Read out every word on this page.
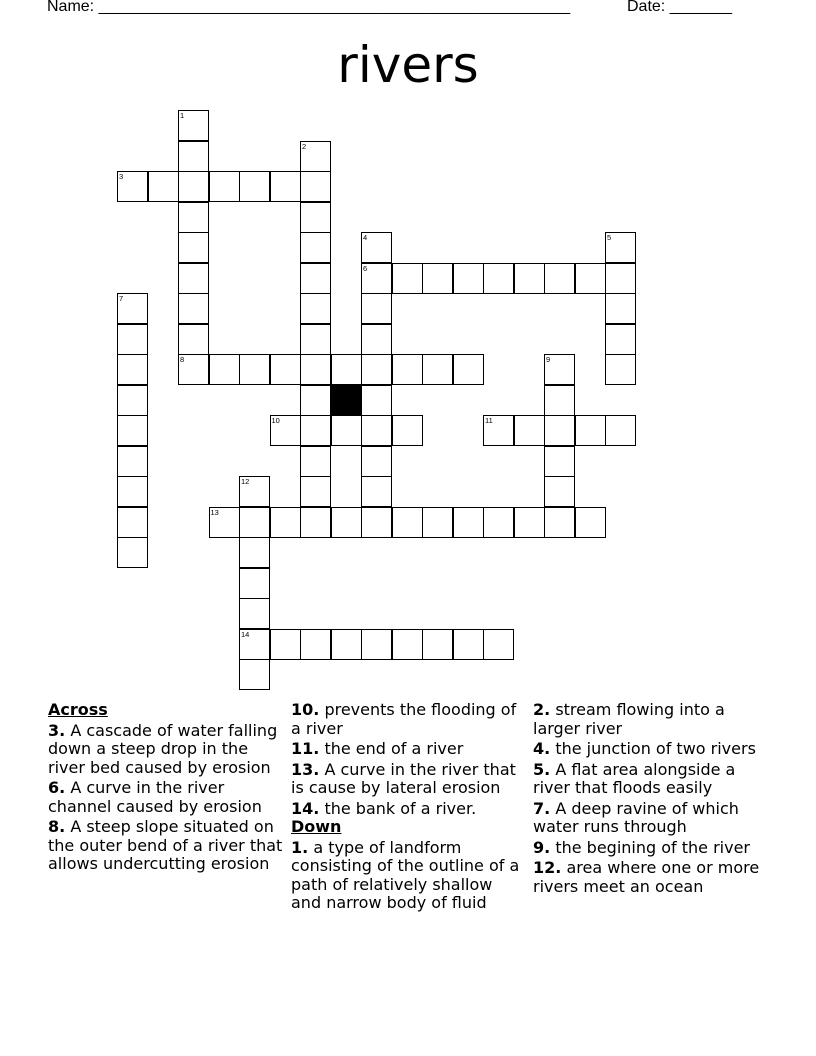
Name: _____________________________________________________	Date: _______
rivers
1
2
3
4
6
5
7
8	9
10	11
12
14
13
Across
3. A cascade of water falling down a steep drop in the river bed caused by erosion
6. A curve in the river channel caused by erosion
8. A steep slope situated on the outer bend of a river that allows undercutting erosion
10. prevents the flooding of a river
11. the end of a river
13. A curve in the river that is cause by lateral erosion
14. the bank of a river.
Down
1. a type of landform consisting of the outline of a path of relatively shallow and narrow body of fluid
2. stream flowing into a larger river
4. the junction of two rivers
5. A flat area alongside a river that floods easily
7. A deep ravine of which water runs through
9. the begining of the river
12. area where one or more rivers meet an ocean
